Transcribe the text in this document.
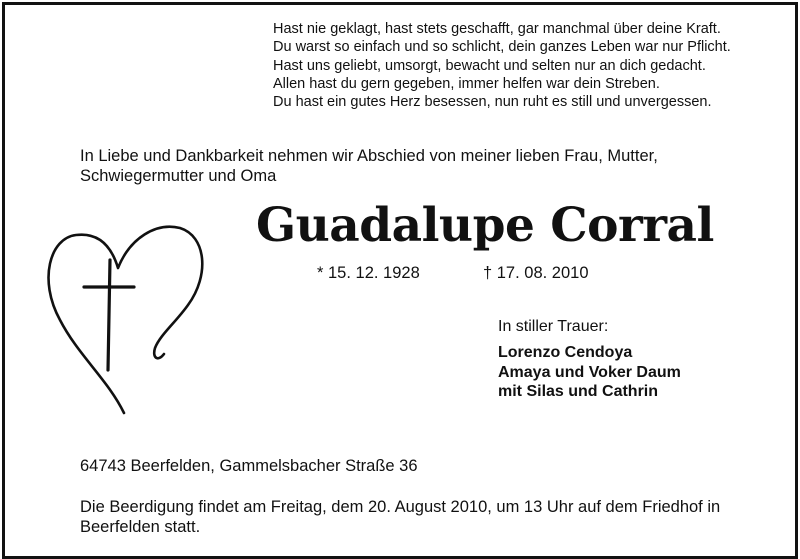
Hast nie geklagt, hast stets geschafft, gar manchmal über deine Kraft.
Du warst so einfach und so schlicht, dein ganzes Leben war nur Pflicht.
Hast uns geliebt, umsorgt, bewacht und selten nur an dich gedacht.
Allen hast du gern gegeben, immer helfen war dein Streben.
Du hast ein gutes Herz besessen, nun ruht es still und unvergessen.

In Liebe und Dankbarkeit nehmen wir Abschied von meiner lieben Frau, Mutter, Schwiegermutter und Oma

Guadalupe Corral
* 15. 12. 1928	† 17. 08. 2010
In stiller Trauer:
Lorenzo Cendoya
Amaya und Voker Daum
mit Silas und Cathrin
64743 Beerfelden, Gammelsbacher Straße 36

Die Beerdigung findet am Freitag, dem 20. August 2010, um 13 Uhr auf dem Friedhof in Beerfelden statt.
